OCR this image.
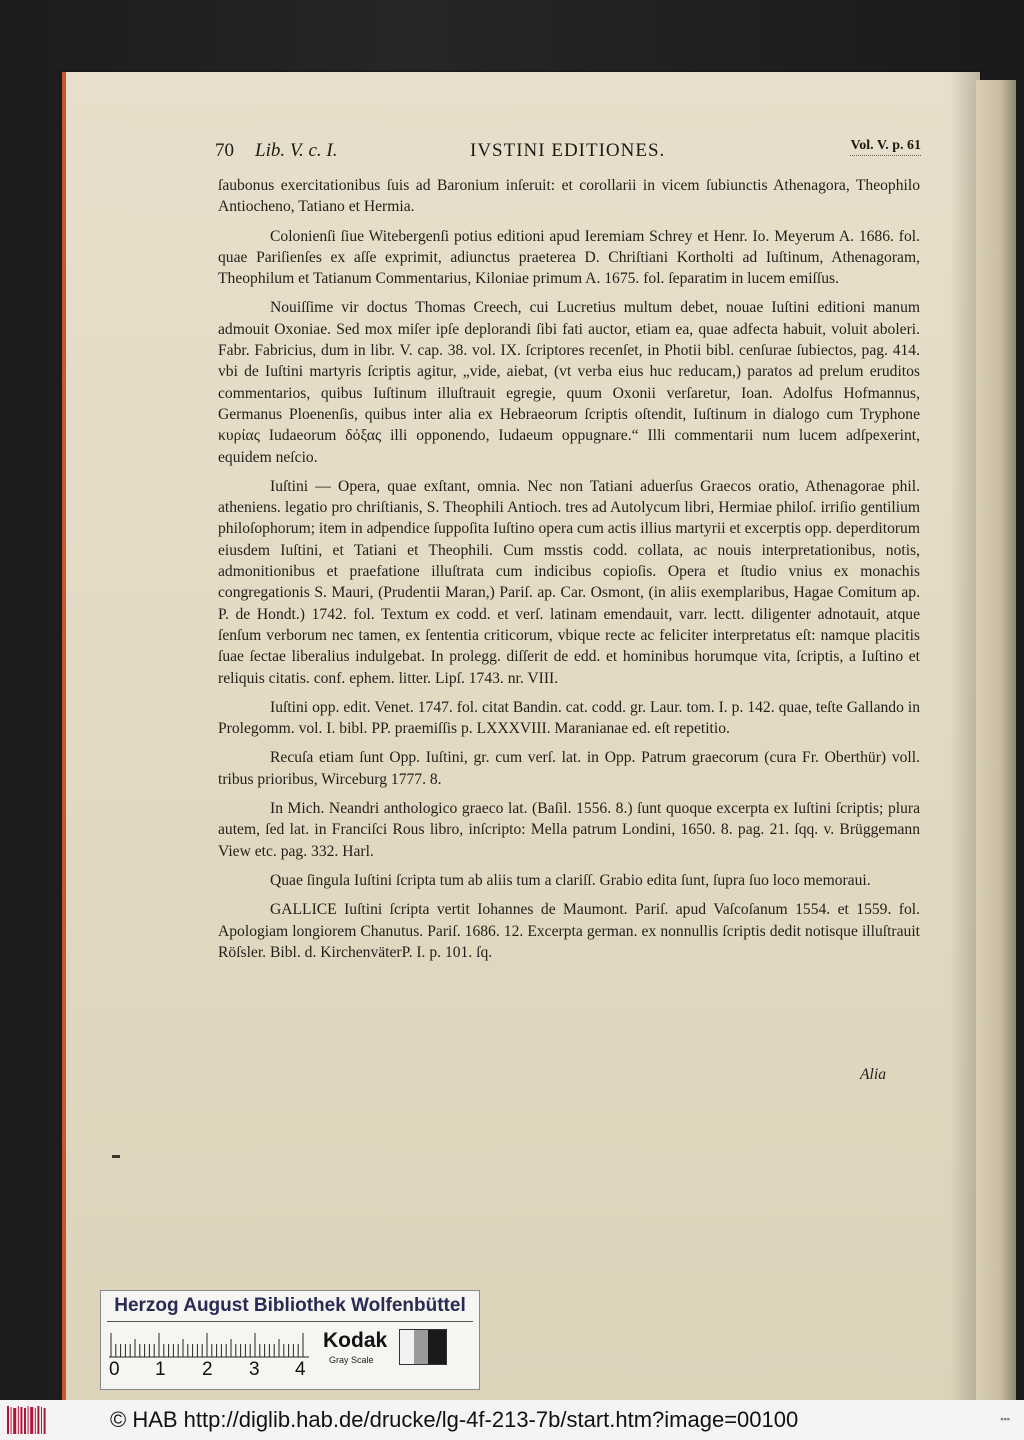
70 Lib. V. c. I.	IVSTINI EDITIONES.	Vol. V. p. 61

ſaubonus exercitationibus ſuis ad Baronium inſeruit: et corollarii in vicem ſubiunctis Athenagora, Theophilo Antiocheno, Tatiano et Hermia.

Colonienſi ſiue Witebergenſi potius editioni apud Ieremiam Schrey et Henr. Io. Meyerum A. 1686. fol. quae Pariſienſes ex aſſe exprimit, adiunctus praeterea D. Chriſtiani Kortholti ad Iuſtinum, Athenagoram, Theophilum et Tatianum Commentarius, Kiloniae primum A. 1675. fol. ſeparatim in lucem emiſſus.

Nouiſſime vir doctus Thomas Creech, cui Lucretius multum debet, nouae Iuſtini editioni manum admouit Oxoniae. Sed mox miſer ipſe deplorandi ſibi fati auctor, etiam ea, quae adfecta habuit, voluit aboleri. Fabr. Fabricius, dum in libr. V. cap. 38. vol. IX. ſcriptores recenſet, in Photii bibl. cenſurae ſubiectos, pag. 414. vbi de Iuſtini martyris ſcriptis agitur, „vide, aiebat, (vt verba eius huc reducam,) paratos ad prelum eruditos commentarios, quibus Iuſtinum illuſtrauit egregie, quum Oxonii verſaretur, Ioan. Adolfus Hofmannus, Germanus Ploenenſis, quibus inter alia ex Hebraeorum ſcriptis oſtendit, Iuſtinum in dialogo cum Tryphone κυρίας Iudaeorum δόξας illi opponendo, Iudaeum oppugnare.“ Illi commentarii num lucem adſpexerint, equidem neſcio.

Iuſtini — Opera, quae exſtant, omnia. Nec non Tatiani aduerſus Graecos oratio, Athenagorae phil. atheniens. legatio pro chriſtianis, S. Theophili Antioch. tres ad Autolycum libri, Hermiae philoſ. irriſio gentilium philoſophorum; item in adpendice ſuppoſita Iuſtino opera cum actis illius martyrii et excerptis opp. deperditorum eiusdem Iuſtini, et Tatiani et Theophili. Cum msstis codd. collata, ac nouis interpretationibus, notis, admonitionibus et praefatione illuſtrata cum indicibus copioſis. Opera et ſtudio vnius ex monachis congregationis S. Mauri, (Prudentii Maran,) Pariſ. ap. Car. Osmont, (in aliis exemplaribus, Hagae Comitum ap. P. de Hondt.) 1742. fol. Textum ex codd. et verſ. latinam emendauit, varr. lectt. diligenter adnotauit, atque ſenſum verborum nec tamen, ex ſententia criticorum, vbique recte ac feliciter interpretatus eſt: namque placitis ſuae ſectae liberalius indulgebat. In prolegg. diſſerit de edd. et hominibus horumque vita, ſcriptis, a Iuſtino et reliquis citatis. conf. ephem. litter. Lipſ. 1743. nr. VIII.

Iuſtini opp. edit. Venet. 1747. fol. citat Bandin. cat. codd. gr. Laur. tom. I. p. 142. quae, teſte Gallando in Prolegomm. vol. I. bibl. PP. praemiſſis p. LXXXVIII. Maranianae ed. eſt repetitio.

Recuſa etiam ſunt Opp. Iuſtini, gr. cum verſ. lat. in Opp. Patrum graecorum (cura Fr. Oberthür) voll. tribus prioribus, Wirceburg 1777. 8.

In Mich. Neandri anthologico graeco lat. (Baſil. 1556. 8.) ſunt quoque excerpta ex Iuſtini ſcriptis; plura autem, ſed lat. in Franciſci Rous libro, inſcripto: Mella patrum Londini, 1650. 8. pag. 21. ſqq. v. Brüggemann View etc. pag. 332. Harl.

Quae ſingula Iuſtini ſcripta tum ab aliis tum a clariſſ. Grabio edita ſunt, ſupra ſuo loco memoraui.

GALLICE Iuſtini ſcripta vertit Iohannes de Maumont. Pariſ. apud Vaſcoſanum 1554. et 1559. fol. Apologiam longiorem Chanutus. Pariſ. 1686. 12. Excerpta german. ex nonnullis ſcriptis dedit notisque illuſtrauit Röſsler. Bibl. d. KirchenväterP. I. p. 101. ſq.

Alia
Herzog August Bibliothek Wolfenbüttel
0 1 2 3 4
Kodak
Gray Scale
© HAB http://diglib.hab.de/drucke/lg-4f-213-7b/start.htm?image=00100	▪▪▪
